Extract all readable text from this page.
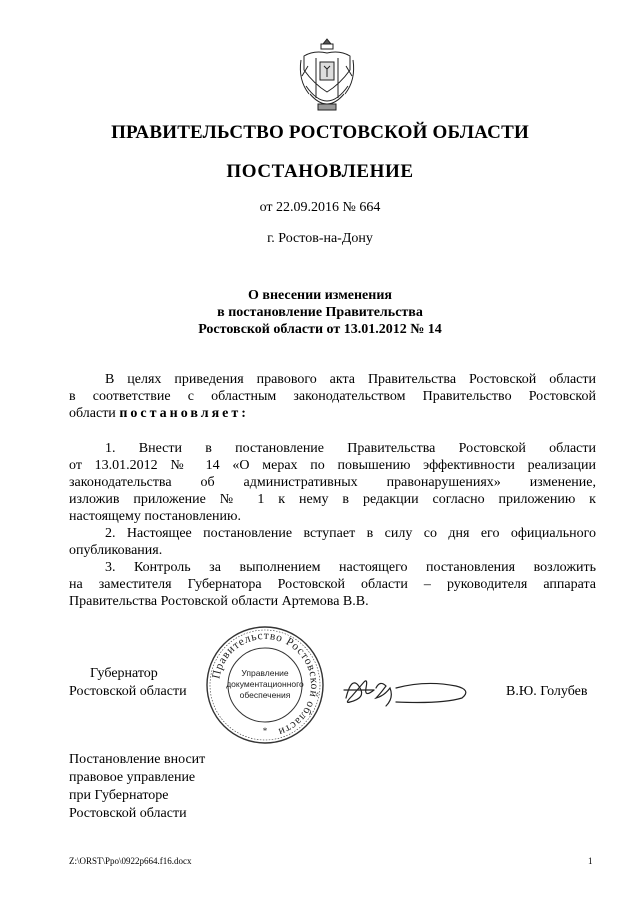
ПРАВИТЕЛЬСТВО РОСТОВСКОЙ ОБЛАСТИ
ПОСТАНОВЛЕНИЕ
от 22.09.2016 № 664
г. Ростов-на-Дону
О внесении изменения
в постановление Правительства
Ростовской области от 13.01.2012 № 14
В целях приведения правового акта Правительства Ростовской области
в соответствие с областным законодательством Правительство Ростовской
области постановляет:
1. Внести в постановление Правительства Ростовской области
от 13.01.2012 № 14 «О мерах по повышению эффективности реализации
законодательства об административных правонарушениях» изменение,
изложив приложение № 1 к нему в редакции согласно приложению к
настоящему постановлению.
2. Настоящее постановление вступает в силу со дня его официального
опубликования.
3. Контроль за выполнением настоящего постановления возложить
на заместителя Губернатора Ростовской области – руководителя аппарата
Правительства Ростовской области Артемова В.В.
Губернатор
Ростовской области
Правительство Ростовской области
Управление
документационного
обеспечения
*
В.Ю. Голубев
Постановление вносит
правовое управление
при Губернаторе
Ростовской области
Z:\ORST\Ppo\0922p664.f16.docx	1
